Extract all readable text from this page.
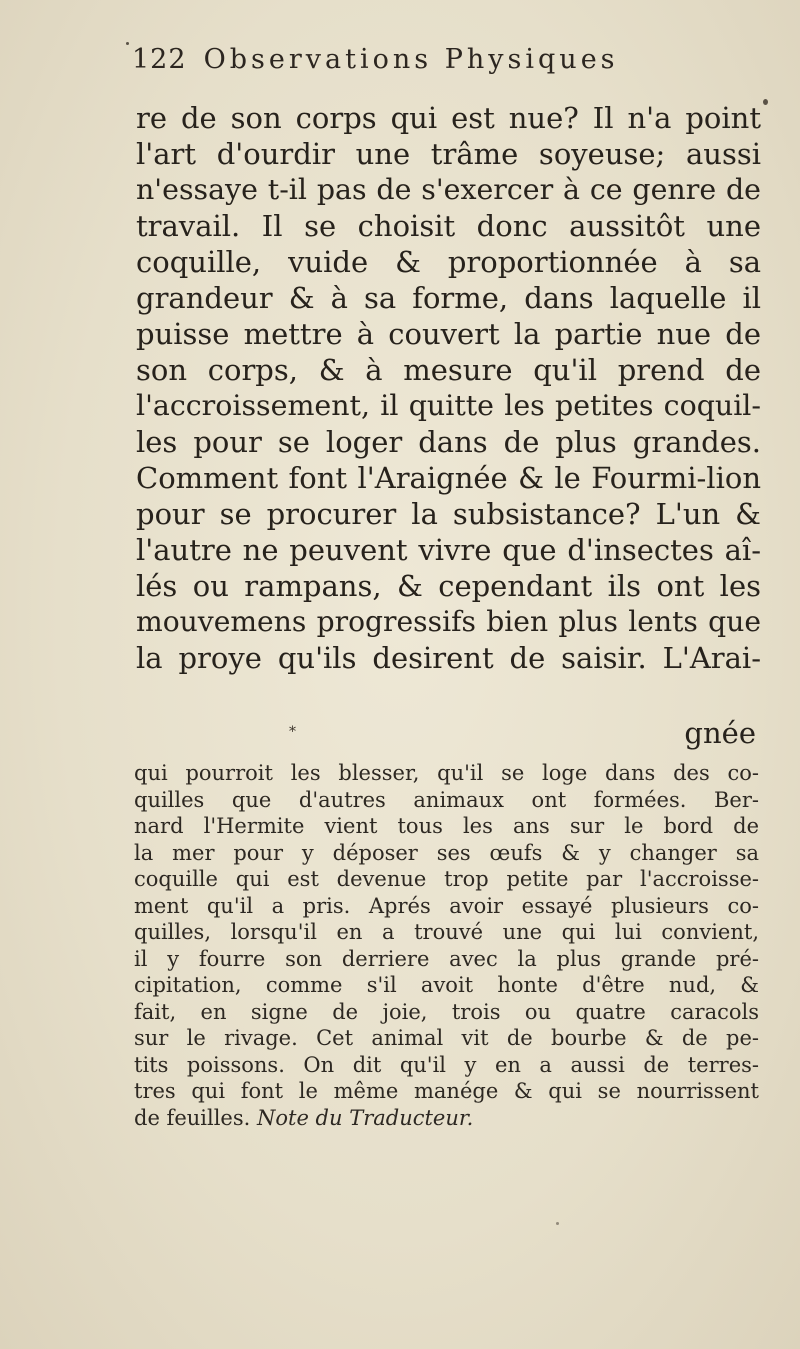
122 Observations Physiques
re de son corps qui est nue? Il n'a point
l'art d'ourdir une trâme soyeuse; aussi
n'essaye t-il pas de s'exercer à ce genre de
travail. Il se choisit donc aussitôt une
coquille, vuide & proportionnée à sa
grandeur & à sa forme, dans laquelle il
puisse mettre à couvert la partie nue de
son corps, & à mesure qu'il prend de
l'accroissement, il quitte les petites coquil-
les pour se loger dans de plus grandes.
Comment font l'Araignée & le Fourmi-lion
pour se procurer la subsistance? L'un &
l'autre ne peuvent vivre que d'insectes aî-
lés ou rampans, & cependant ils ont les
mouvemens progressifs bien plus lents que
la proye qu'ils desirent de saisir. L'Arai-
*	gnée
qui pourroit les blesser, qu'il se loge dans des co-
quilles que d'autres animaux ont formées. Ber-
nard l'Hermite vient tous les ans sur le bord de
la mer pour y déposer ses œufs & y changer sa
coquille qui est devenue trop petite par l'accroisse-
ment qu'il a pris. Aprés avoir essayé plusieurs co-
quilles, lorsqu'il en a trouvé une qui lui convient,
il y fourre son derriere avec la plus grande pré-
cipitation, comme s'il avoit honte d'être nud, &
fait, en signe de joie, trois ou quatre caracols
sur le rivage. Cet animal vit de bourbe & de pe-
tits poissons. On dit qu'il y en a aussi de terres-
tres qui font le même manége & qui se nourrissent
de feuilles. Note du Traducteur.
